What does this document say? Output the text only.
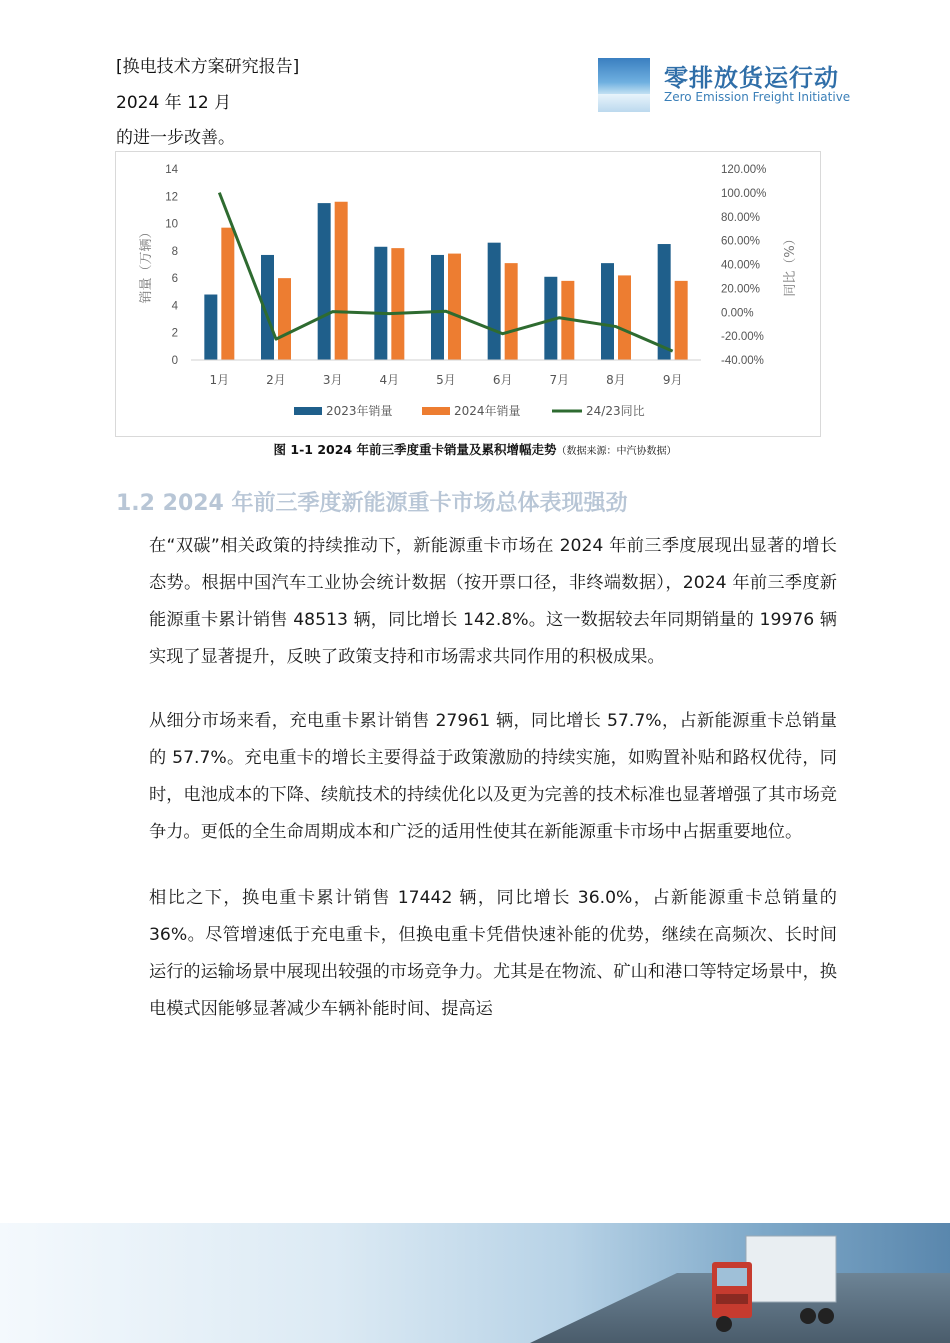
[换电技术方案研究报告]
2024 年 12 月
的进一步改善。
零排放货运行动
Zero Emission Freight Initiative
0
2
4
6
8
10
12
14
-40.00%
-20.00%
0.00%
20.00%
40.00%
60.00%
80.00%
100.00%
120.00%
销量（万辆）	同比（%）
1月	2月	3月	4月	5月	6月	7月	8月	9月
2023年销量	2024年销量	24/23同比
图 1-1 2024 年前三季度重卡销量及累积增幅走势（数据来源：中汽协数据）
1.2 2024 年前三季度新能源重卡市场总体表现强劲
在“双碳”相关政策的持续推动下，新能源重卡市场在 2024 年前三季度展现出显著的增长态势。根据中国汽车工业协会统计数据（按开票口径，非终端数据），2024 年前三季度新能源重卡累计销售 48513 辆，同比增长 142.8%。这一数据较去年同期销量的 19976 辆实现了显著提升，反映了政策支持和市场需求共同作用的积极成果。
从细分市场来看，充电重卡累计销售 27961 辆，同比增长 57.7%，占新能源重卡总销量的 57.7%。充电重卡的增长主要得益于政策激励的持续实施，如购置补贴和路权优待，同时，电池成本的下降、续航技术的持续优化以及更为完善的技术标准也显著增强了其市场竞争力。更低的全生命周期成本和广泛的适用性使其在新能源重卡市场中占据重要地位。
相比之下，换电重卡累计销售 17442 辆，同比增长 36.0%，占新能源重卡总销量的 36%。尽管增速低于充电重卡，但换电重卡凭借快速补能的优势，继续在高频次、长时间运行的运输场景中展现出较强的市场竞争力。尤其是在物流、矿山和港口等特定场景中，换电模式因能够显著减少车辆补能时间、提高运
